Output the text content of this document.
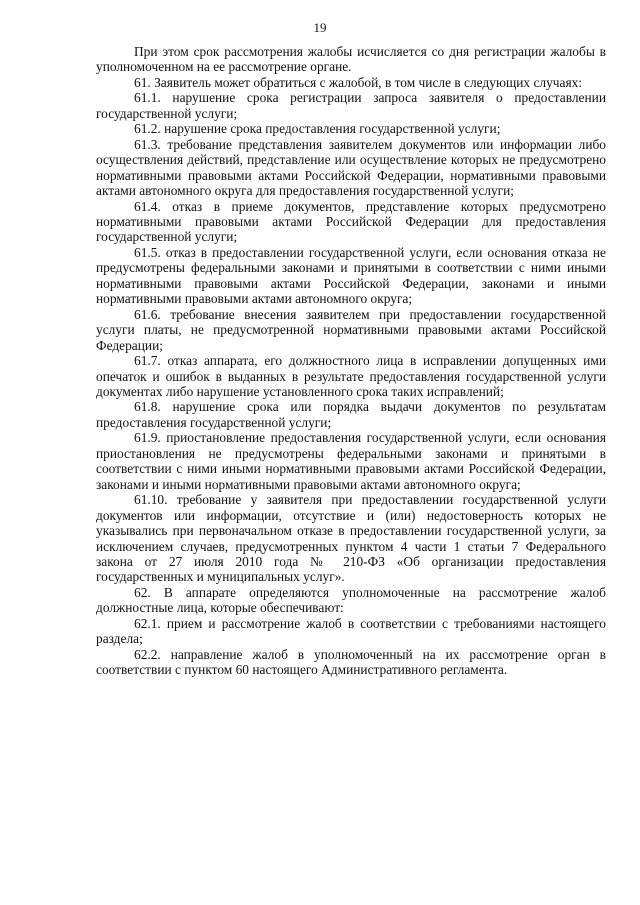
19

При этом срок рассмотрения жалобы исчисляется со дня регистрации жалобы в уполномоченном на ее рассмотрение органе.

61. Заявитель может обратиться с жалобой, в том числе в следующих случаях:

61.1. нарушение срока регистрации запроса заявителя о предоставлении государственной услуги;

61.2. нарушение срока предоставления государственной услуги;

61.3. требование представления заявителем документов или информации либо осуществления действий, представление или осуществление которых не предусмотрено нормативными правовыми актами Российской Федерации, нормативными правовыми актами автономного округа для предоставления государственной услуги;

61.4. отказ в приеме документов, представление которых предусмотрено нормативными правовыми актами Российской Федерации для предоставления государственной услуги;

61.5. отказ в предоставлении государственной услуги, если основания отказа не предусмотрены федеральными законами и принятыми в соответствии с ними иными нормативными правовыми актами Российской Федерации, законами и иными нормативными правовыми актами автономного округа;

61.6. требование внесения заявителем при предоставлении государственной услуги платы, не предусмотренной нормативными правовыми актами Российской Федерации;

61.7. отказ аппарата, его должностного лица в исправлении допущенных ими опечаток и ошибок в выданных в результате предоставления государственной услуги документах либо нарушение установленного срока таких исправлений;

61.8. нарушение срока или порядка выдачи документов по результатам предоставления государственной услуги;

61.9. приостановление предоставления государственной услуги, если основания приостановления не предусмотрены федеральными законами и принятыми в соответствии с ними иными нормативными правовыми актами Российской Федерации, законами и иными нормативными правовыми актами автономного округа;

61.10. требование у заявителя при предоставлении государственной услуги документов или информации, отсутствие и (или) недостоверность которых не указывались при первоначальном отказе в предоставлении государственной услуги, за исключением случаев, предусмотренных пунктом 4 части 1 статьи 7 Федерального закона от 27 июля 2010 года № 210-ФЗ «Об организации предоставления государственных и муниципальных услуг».

62. В аппарате определяются уполномоченные на рассмотрение жалоб должностные лица, которые обеспечивают:

62.1. прием и рассмотрение жалоб в соответствии с требованиями настоящего раздела;

62.2. направление жалоб в уполномоченный на их рассмотрение орган в соответствии с пунктом 60 настоящего Административного регламента.
